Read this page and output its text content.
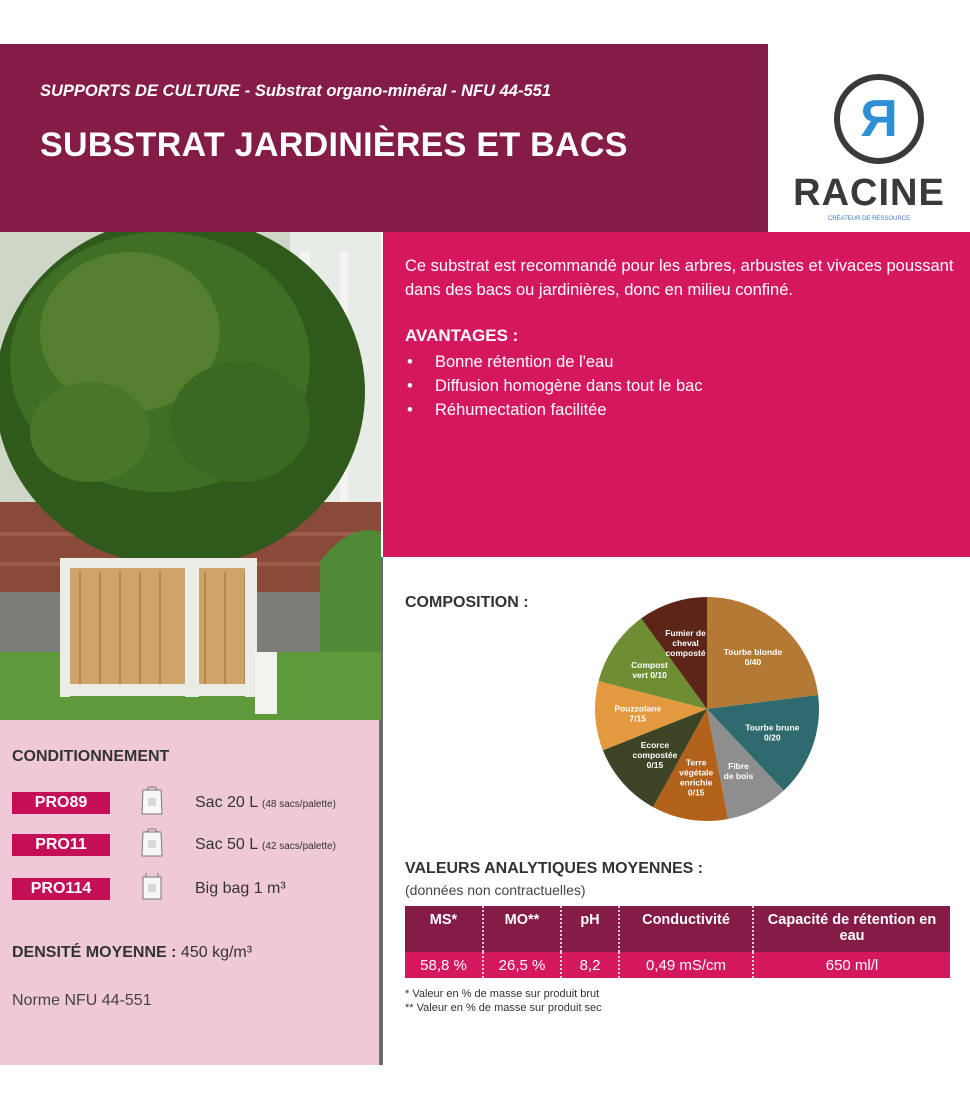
SUPPORTS DE CULTURE - Substrat organo-minéral - NFU 44-551
SUBSTRAT JARDINIÈRES ET BACS	R
RACINE
CRÉATEUR DE RESSOURCE

Ce substrat est recommandé pour les arbres, arbustes et vivaces poussant dans des bacs ou jardinières, donc en milieu confiné.

AVANTAGES :
• Bonne rétention de l'eau
• Diffusion homogène dans tout le bac
• Réhumectation facilitée
COMPOSITION :
Tourbe blonde 0/40
Tourbe brune 0/20
Fibre de bois
Terre végétale enrichie 0/15
Ecorce compostée 0/15
Pouzzolane 7/15
Compost vert 0/10
Fumier de cheval composté
CONDITIONNEMENT
PRO89	Sac 20 L (48 sacs/palette)
PRO11	Sac 50 L (42 sacs/palette)
PRO114	Big bag 1 m³
DENSITÉ MOYENNE : 450 kg/m³
Norme NFU 44-551
VALEURS ANALYTIQUES MOYENNES :
(données non contractuelles)
MS*	MO**	pH	Conductivité	Capacité de rétention en eau
58,8 %	26,5 %	8,2	0,49 mS/cm	650 ml/l
* Valeur en % de masse sur produit brut
** Valeur en % de masse sur produit sec
